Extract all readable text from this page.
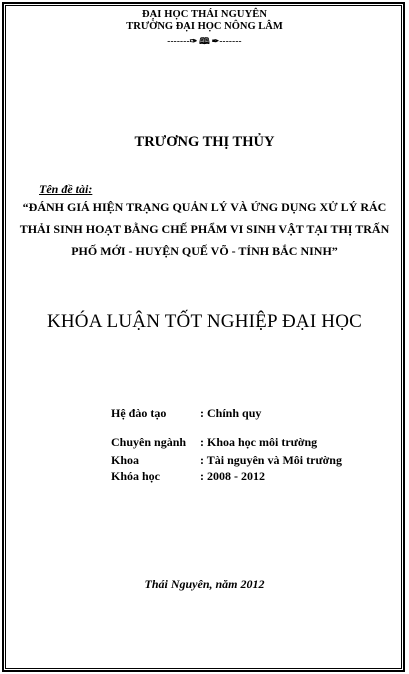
ĐẠI HỌC THÁI NGUYÊN
TRƯỜNG ĐẠI HỌC NÔNG LÂM
-------✑ 🕮 ✒-------
TRƯƠNG THỊ THỦY
Tên đề tài:
“ĐÁNH GIÁ HIỆN TRẠNG QUẢN LÝ VÀ ỨNG DỤNG XỬ LÝ RÁC
THẢI SINH HOẠT BẰNG CHẾ PHẨM VI SINH VẬT TẠI THỊ TRẤN
PHỐ MỚI - HUYỆN QUẾ VÕ - TỈNH BẮC NINH”
KHÓA LUẬN TỐT NGHIỆP ĐẠI HỌC
Hệ đào tạo	: Chính quy
Chuyên ngành : Khoa học môi trường
Khoa	: Tài nguyên và Môi trường
Khóa học	: 2008 - 2012
Thái Nguyên, năm 2012
